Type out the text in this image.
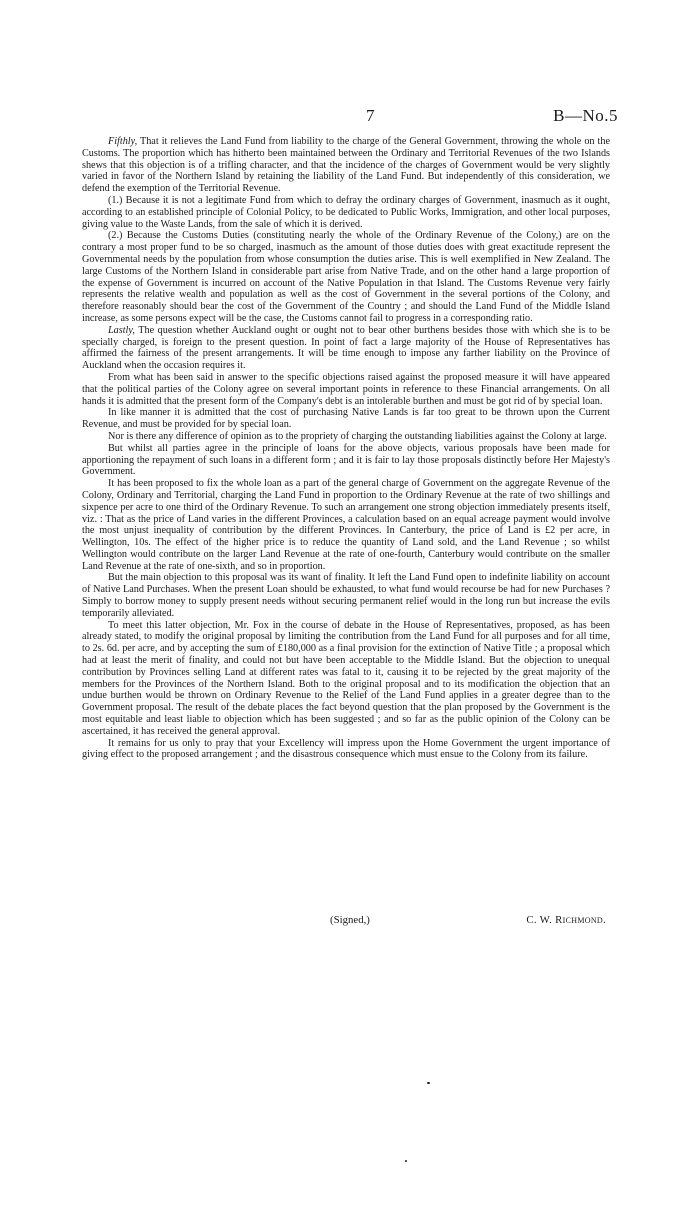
7	B—No.5

Fifthly, That it relieves the Land Fund from liability to the charge of the General Government, throwing the whole on the Customs. The proportion which has hitherto been maintained between the Ordinary and Territorial Revenues of the two Islands shews that this objection is of a trifling character, and that the incidence of the charges of Government would be very slightly varied in favor of the Northern Island by retaining the liability of the Land Fund. But independently of this consideration, we defend the exemption of the Territorial Revenue.

(1.) Because it is not a legitimate Fund from which to defray the ordinary charges of Government, inasmuch as it ought, according to an established principle of Colonial Policy, to be dedicated to Public Works, Immigration, and other local purposes, giving value to the Waste Lands, from the sale of which it is derived.

(2.) Because the Customs Duties (constituting nearly the whole of the Ordinary Revenue of the Colony,) are on the contrary a most proper fund to be so charged, inasmuch as the amount of those duties does with great exactitude represent the Governmental needs by the population from whose consumption the duties arise. This is well exemplified in New Zealand. The large Customs of the Northern Island in considerable part arise from Native Trade, and on the other hand a large proportion of the expense of Government is incurred on account of the Native Population in that Island. The Customs Revenue very fairly represents the relative wealth and population as well as the cost of Government in the several portions of the Colony, and therefore reasonably should bear the cost of the Government of the Country ; and should the Land Fund of the Middle Island increase, as some persons expect will be the case, the Customs cannot fail to progress in a corresponding ratio.

Lastly, The question whether Auckland ought or ought not to bear other burthens besides those with which she is to be specially charged, is foreign to the present question. In point of fact a large majority of the House of Representatives has affirmed the fairness of the present arrangements. It will be time enough to impose any farther liability on the Province of Auckland when the occasion requires it.

From what has been said in answer to the specific objections raised against the proposed measure it will have appeared that the political parties of the Colony agree on several important points in reference to these Financial arrangements. On all hands it is admitted that the present form of the Company's debt is an intolerable burthen and must be got rid of by special loan.

In like manner it is admitted that the cost of purchasing Native Lands is far too great to be thrown upon the Current Revenue, and must be provided for by special loan.

Nor is there any difference of opinion as to the propriety of charging the outstanding liabilities against the Colony at large.

But whilst all parties agree in the principle of loans for the above objects, various proposals have been made for apportioning the repayment of such loans in a different form ; and it is fair to lay those proposals distinctly before Her Majesty's Government.

It has been proposed to fix the whole loan as a part of the general charge of Government on the aggregate Revenue of the Colony, Ordinary and Territorial, charging the Land Fund in proportion to the Ordinary Revenue at the rate of two shillings and sixpence per acre to one third of the Ordinary Revenue. To such an arrangement one strong objection immediately presents itself, viz. : That as the price of Land varies in the different Provinces, a calculation based on an equal acreage payment would involve the most unjust inequality of contribution by the different Provinces. In Canterbury, the price of Land is £2 per acre, in Wellington, 10s. The effect of the higher price is to reduce the quantity of Land sold, and the Land Revenue ; so whilst Wellington would contribute on the larger Land Revenue at the rate of one-fourth, Canterbury would contribute on the smaller Land Revenue at the rate of one-sixth, and so in proportion.

But the main objection to this proposal was its want of finality. It left the Land Fund open to indefinite liability on account of Native Land Purchases. When the present Loan should be exhausted, to what fund would recourse be had for new Purchases ? Simply to borrow money to supply present needs without securing permanent relief would in the long run but increase the evils temporarily alleviated.

To meet this latter objection, Mr. Fox in the course of debate in the House of Representatives, proposed, as has been already stated, to modify the original proposal by limiting the contribution from the Land Fund for all purposes and for all time, to 2s. 6d. per acre, and by accepting the sum of £180,000 as a final provision for the extinction of Native Title ; a proposal which had at least the merit of finality, and could not but have been acceptable to the Middle Island. But the objection to unequal contribution by Provinces selling Land at different rates was fatal to it, causing it to be rejected by the great majority of the members for the Provinces of the Northern Island. Both to the original proposal and to its modification the objection that an undue burthen would be thrown on Ordinary Revenue to the Relief of the Land Fund applies in a greater degree than to the Government proposal. The result of the debate places the fact beyond question that the plan proposed by the Government is the most equitable and least liable to objection which has been suggested ; and so far as the public opinion of the Colony can be ascertained, it has received the general approval.

It remains for us only to pray that your Excellency will impress upon the Home Government the urgent importance of giving effect to the proposed arrangement ; and the disastrous consequence which must ensue to the Colony from its failure.

(Signed,)	C. W. Richmond.
